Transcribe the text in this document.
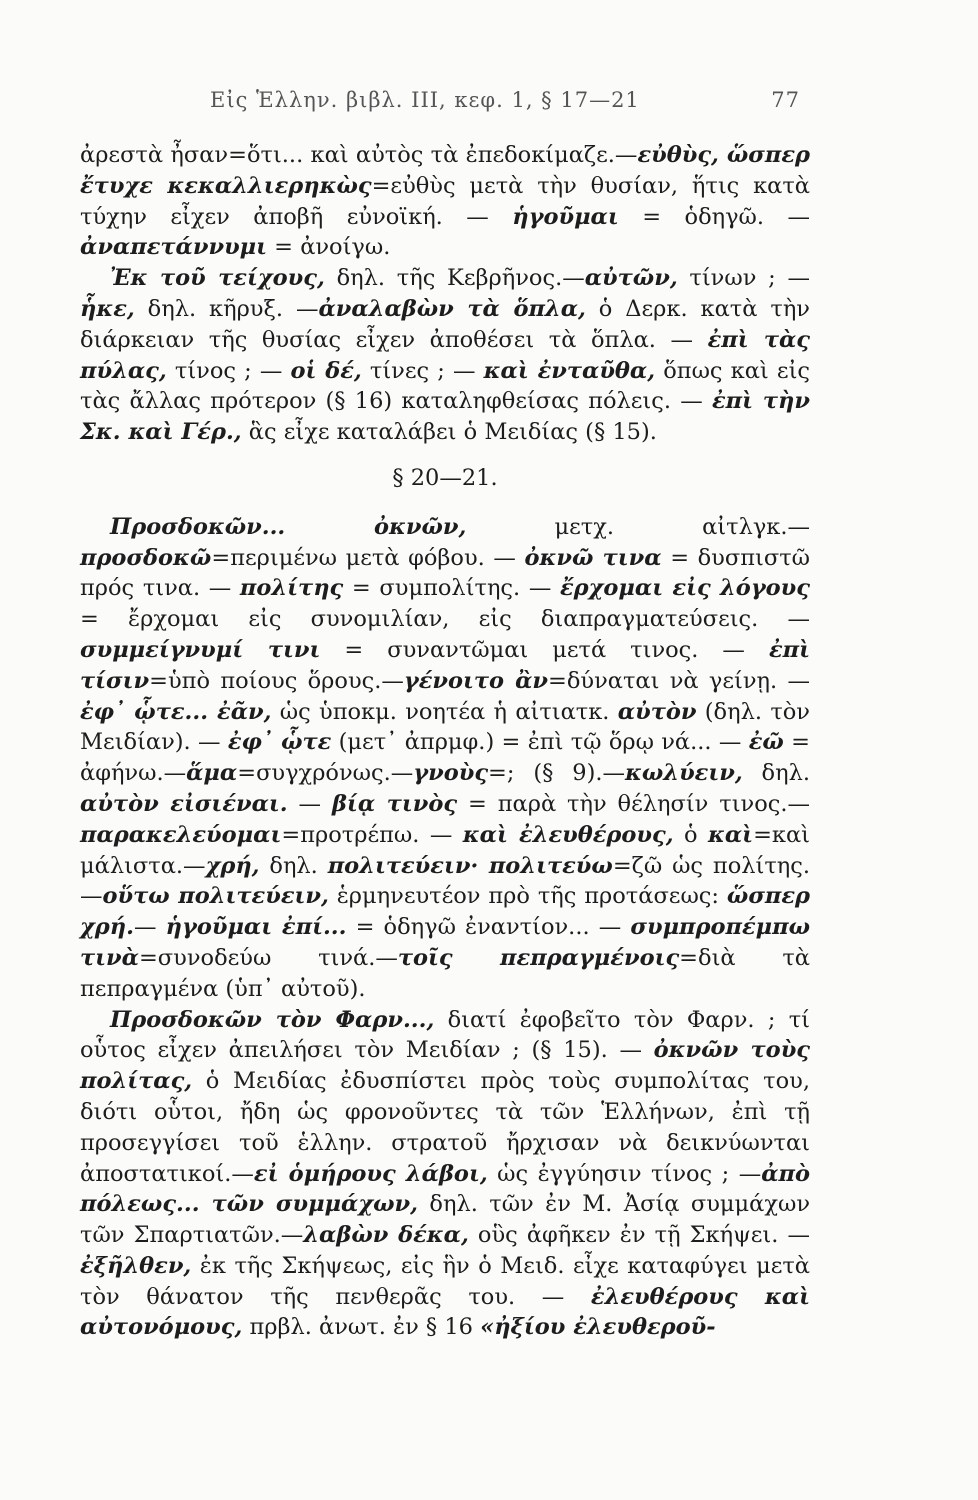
Εἰς Ἑλλην. βιβλ. III, κεφ. 1, § 17—21	77

ἀρεστὰ ἦσαν=ὅτι... καὶ αὐτὸς τὰ ἐπεδοκίμαζε.—εὐθὺς, ὥσπερ ἔτυχε κεκαλλιερηκὼς=εὐθὺς μετὰ τὴν θυσίαν, ἥτις κατὰ τύχην εἶχεν ἀποβῆ εὐνοϊκή. — ἡγοῦμαι = ὁδηγῶ. — ἀναπετάννυμι = ἀνοίγω.

Ἐκ τοῦ τείχους, δηλ. τῆς Κεβρῆνος.—αὐτῶν, τίνων ; —ἧκε, δηλ. κῆρυξ. —ἀναλαβὼν τὰ ὅπλα, ὁ Δερκ. κατὰ τὴν διάρκειαν τῆς θυσίας εἶχεν ἀποθέσει τὰ ὅπλα. — ἐπὶ τὰς πύλας, τίνος ; — οἱ δέ, τίνες ; — καὶ ἐνταῦθα, ὅπως καὶ εἰς τὰς ἄλλας πρότερον (§ 16) καταληφθείσας πόλεις. — ἐπὶ τὴν Σκ. καὶ Γέρ., ἃς εἶχε καταλάβει ὁ Μειδίας (§ 15).

§ 20—21.

Προσδοκῶν... ὀκνῶν, μετχ. αἰτλγκ.—προσδοκῶ=περιμένω μετὰ φόβου. — ὀκνῶ τινα = δυσπιστῶ πρός τινα. — πολίτης = συμπολίτης. — ἔρχομαι εἰς λόγους = ἔρχομαι εἰς συνομιλίαν, εἰς διαπραγματεύσεις. — συμμείγνυμί τινι = συναντῶμαι μετά τινος. — ἐπὶ τίσιν=ὑπὸ ποίους ὅρους.—γένοιτο ἂν=δύναται νὰ γείνῃ. — ἐφ᾿ ᾧτε... ἐᾶν, ὡς ὑποκμ. νοητέα ἡ αἰτιατκ. αὐτὸν (δηλ. τὸν Μειδίαν). — ἐφ᾿ ᾧτε (μετ᾿ ἀπρμφ.) = ἐπὶ τῷ ὅρῳ νά... — ἐῶ = ἀφήνω.—ἅμα=συγχρόνως.—γνοὺς=; (§ 9).—κωλύειν, δηλ. αὐτὸν εἰσιέναι. — βίᾳ τινὸς = παρὰ τὴν θέλησίν τινος.—παρακελεύομαι=προτρέπω. — καὶ ἐλευθέρους, ὁ καὶ=καὶ μάλιστα.—χρή, δηλ. πολιτεύειν· πολιτεύω=ζῶ ὡς πολίτης.—οὕτω πολιτεύειν, ἑρμηνευτέον πρὸ τῆς προτάσεως: ὥσπερ χρή.— ἡγοῦμαι ἐπί... = ὁδηγῶ ἐναντίον... — συμπροπέμπω τινὰ=συνοδεύω τινά.—τοῖς πεπραγμένοις=διὰ τὰ πεπραγμένα (ὑπ᾿ αὐτοῦ).

Προσδοκῶν τὸν Φαρν..., διατί ἐφοβεῖτο τὸν Φαρν. ; τί οὗτος εἶχεν ἀπειλήσει τὸν Μειδίαν ; (§ 15). — ὀκνῶν τοὺς πολίτας, ὁ Μειδίας ἐδυσπίστει πρὸς τοὺς συμπολίτας του, διότι οὗτοι, ἤδη ὡς φρονοῦντες τὰ τῶν Ἑλλήνων, ἐπὶ τῇ προσεγγίσει τοῦ ἑλλην. στρατοῦ ἤρχισαν νὰ δεικνύωνται ἀποστατικοί.—εἰ ὁμήρους λάβοι, ὡς ἐγγύησιν τίνος ; —ἀπὸ πόλεως... τῶν συμμάχων, δηλ. τῶν ἐν Μ. Ἀσίᾳ συμμάχων τῶν Σπαρτιατῶν.—λαβὼν δέκα, οὓς ἀφῆκεν ἐν τῇ Σκήψει. — ἐξῆλθεν, ἐκ τῆς Σκήψεως, εἰς ἣν ὁ Μειδ. εἶχε καταφύγει μετὰ τὸν θάνατον τῆς πενθερᾶς του. — ἐλευθέρους καὶ αὐτονόμους, πρβλ. ἀνωτ. ἐν § 16 «ἠξίου ἐλευθεροῦ-
